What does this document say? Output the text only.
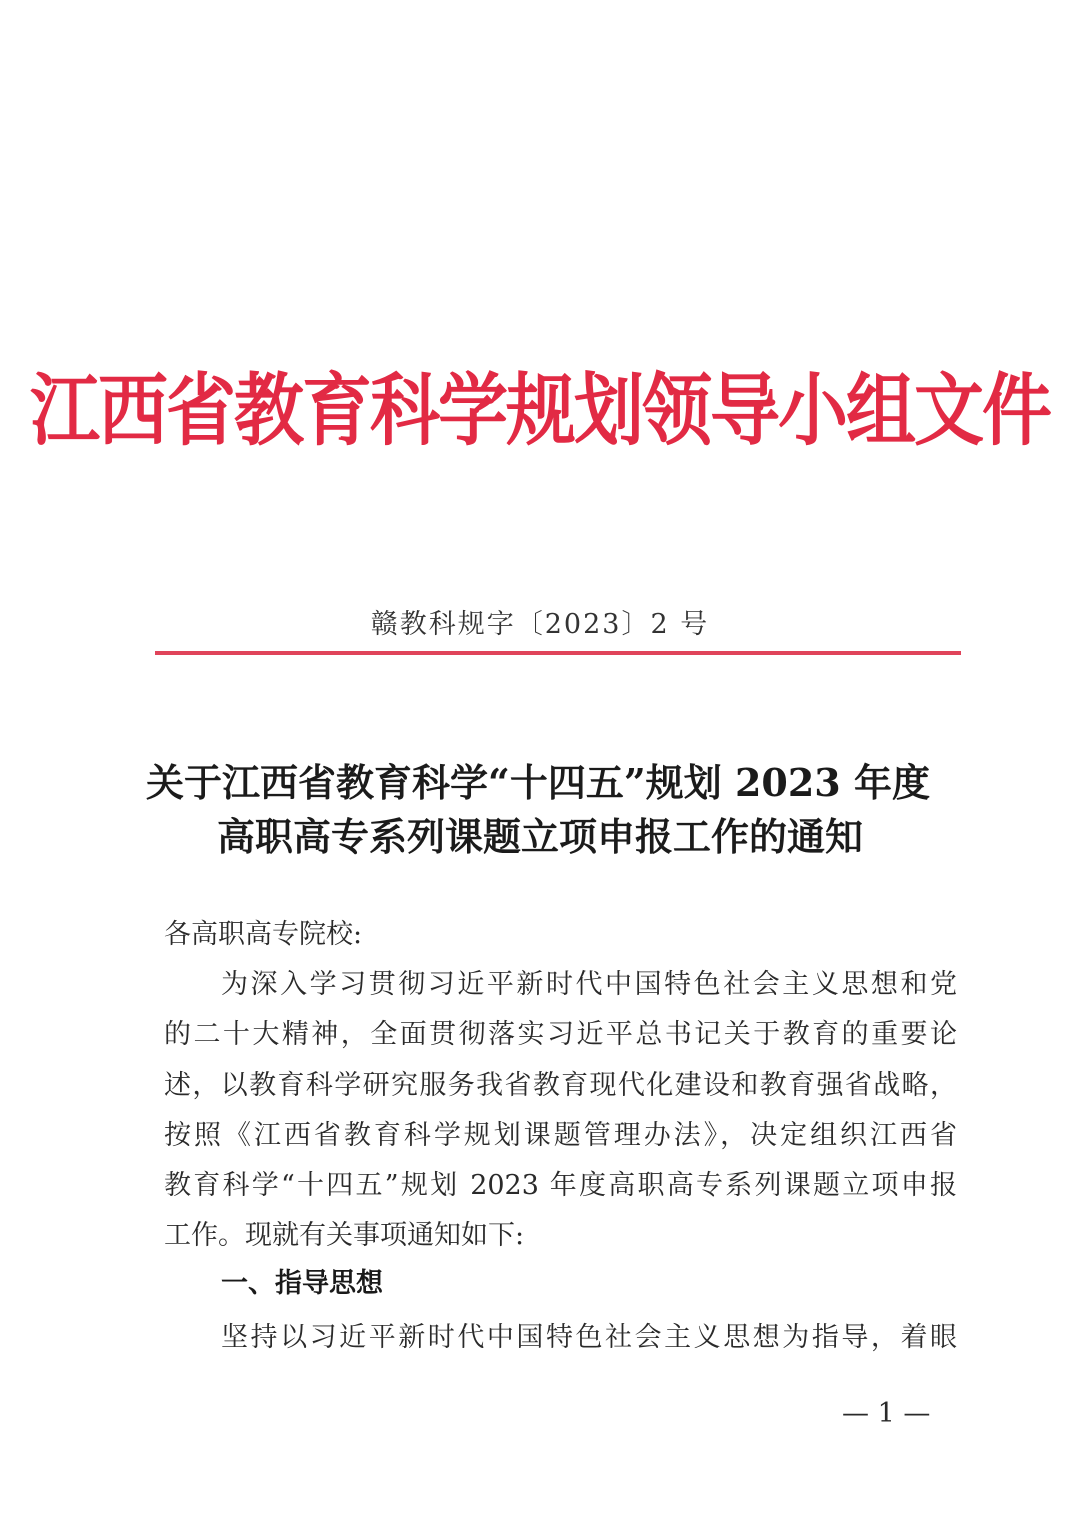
江西省教育科学规划领导小组文件
赣教科规字〔2023〕2 号
关于江西省教育科学“十四五”规划 2023 年度
高职高专系列课题立项申报工作的通知
各高职高专院校:
为深入学习贯彻习近平新时代中国特色社会主义思想和党
的二十大精神，全面贯彻落实习近平总书记关于教育的重要论
述，以教育科学研究服务我省教育现代化建设和教育强省战略，
按照《江西省教育科学规划课题管理办法》，决定组织江西省
教育科学“十四五”规划 2023 年度高职高专系列课题立项申报
工作。现就有关事项通知如下:
一、指导思想
坚持以习近平新时代中国特色社会主义思想为指导，着眼
— 1 —
